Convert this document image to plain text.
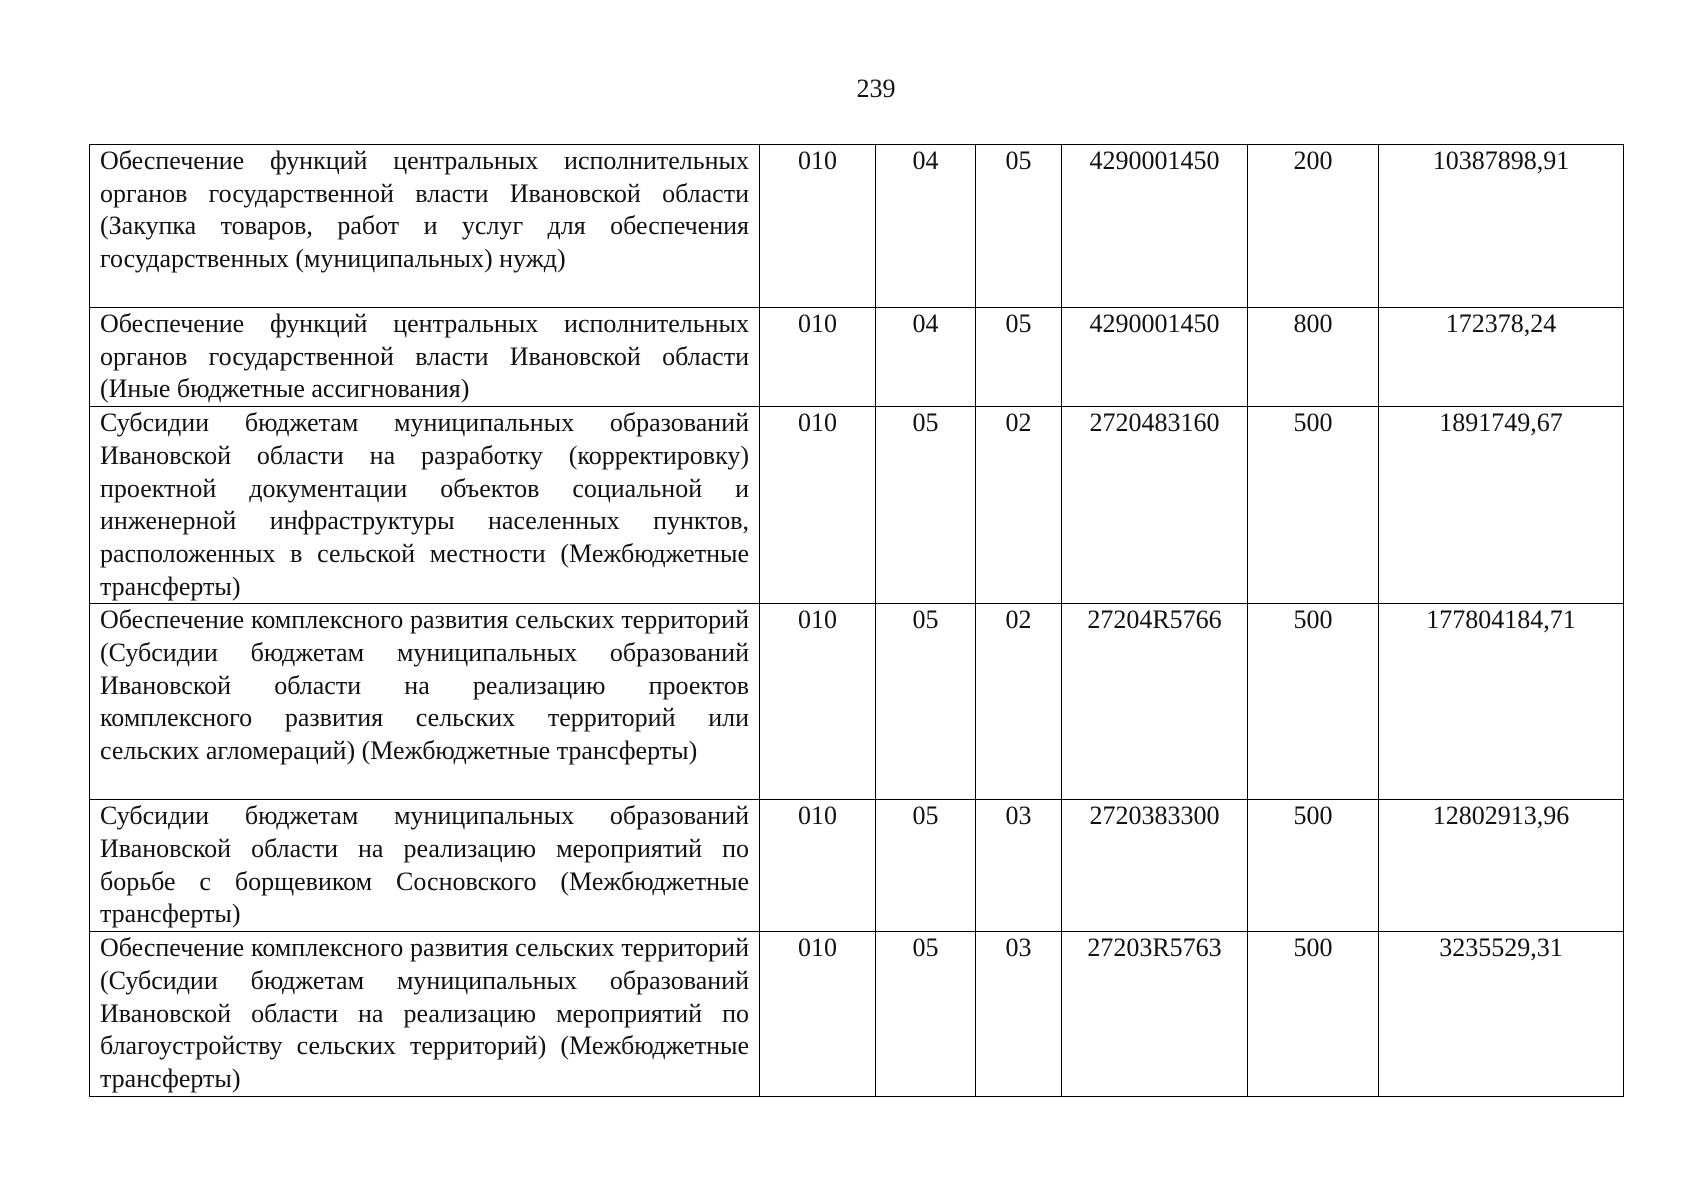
239
Обеспечение функций центральных исполнительных органов государственной власти Ивановской области (Закупка товаров, работ и услуг для обеспечения государственных (муниципальных) нужд)	010	04	05	4290001450	200	10387898,91

Обеспечение функций центральных исполнительных органов государственной власти Ивановской области (Иные бюджетные ассигнования)	010	04	05	4290001450	800	172378,24

Субсидии бюджетам муниципальных образований Ивановской области на разработку (корректировку) проектной документации объектов социальной и инженерной инфраструктуры населенных пунктов, расположенных в сельской местности (Межбюджетные трансферты)	010	05	02	2720483160	500	1891749,67

Обеспечение комплексного развития сельских территорий (Субсидии бюджетам муниципальных образований Ивановской области на реализацию проектов комплексного развития сельских территорий или сельских агломераций) (Межбюджетные трансферты)	010	05	02	27204R5766	500	177804184,71

Субсидии бюджетам муниципальных образований Ивановской области на реализацию мероприятий по борьбе с борщевиком Сосновского (Межбюджетные трансферты)	010	05	03	2720383300	500	12802913,96

Обеспечение комплексного развития сельских территорий (Субсидии бюджетам муниципальных образований Ивановской области на реализацию мероприятий по благоустройству сельских территорий) (Межбюджетные трансферты)	010	05	03	27203R5763	500	3235529,31
